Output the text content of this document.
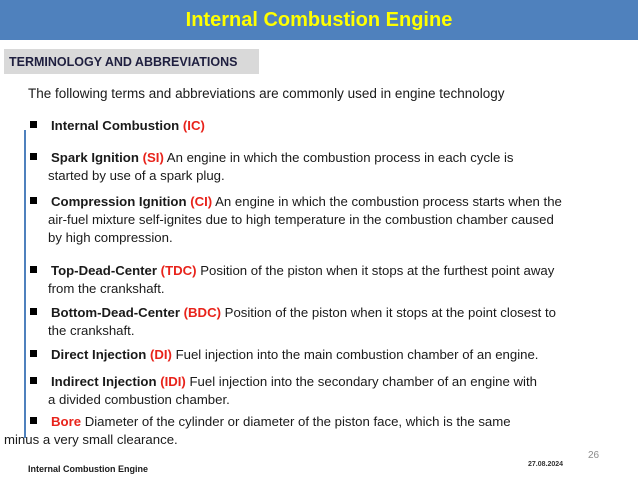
Internal Combustion Engine
TERMINOLOGY AND ABBREVIATIONS
The following terms and abbreviations are commonly used in engine technology
Internal Combustion (IC)
Spark Ignition (SI) An engine in which the combustion process in each cycle is
started by use of a spark plug.
Compression Ignition (CI) An engine in which the combustion process starts when the
air-fuel mixture self-ignites due to high temperature in the combustion chamber caused
by high compression.
Top-Dead-Center (TDC) Position of the piston when it stops at the furthest point away
from the crankshaft.
Bottom-Dead-Center (BDC) Position of the piston when it stops at the point closest to
the crankshaft.
Direct Injection (DI) Fuel injection into the main combustion chamber of an engine.
Indirect Injection (IDI) Fuel injection into the secondary chamber of an engine with
a divided combustion chamber.
Bore Diameter of the cylinder or diameter of the piston face, which is the same
minus a very small clearance.
26
27.08.2024
Internal Combustion Engine
